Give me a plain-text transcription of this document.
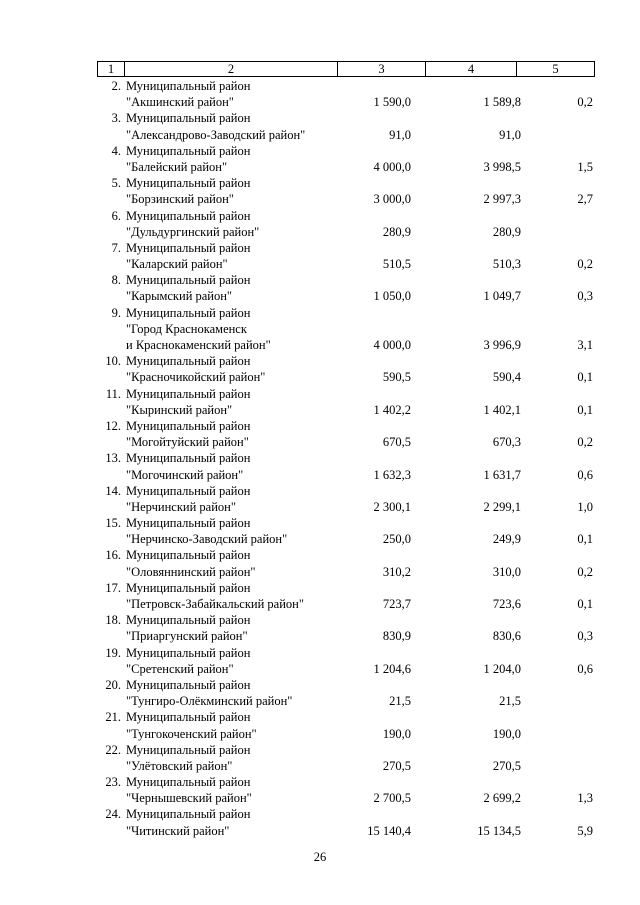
1	2	3	4	5
2. Муниципальный район
"Акшинский район"	1 590,0	1 589,8	0,2
3. Муниципальный район
"Александрово-Заводский район"	91,0	91,0
4. Муниципальный район
"Балейский район"	4 000,0	3 998,5	1,5
5. Муниципальный район
"Борзинский район"	3 000,0	2 997,3	2,7
6. Муниципальный район
"Дульдургинский район"	280,9	280,9
7. Муниципальный район
"Каларский район"	510,5	510,3	0,2
8. Муниципальный район
"Карымский район"	1 050,0	1 049,7	0,3
9. Муниципальный район
"Город Краснокаменск
и Краснокаменский район"	4 000,0	3 996,9	3,1
10. Муниципальный район
"Красночикойский район"	590,5	590,4	0,1
11. Муниципальный район
"Кыринский район"	1 402,2	1 402,1	0,1
12. Муниципальный район
"Могойтуйский район"	670,5	670,3	0,2
13. Муниципальный район
"Могочинский район"	1 632,3	1 631,7	0,6
14. Муниципальный район
"Нерчинский район"	2 300,1	2 299,1	1,0
15. Муниципальный район
"Нерчинско-Заводский район"	250,0	249,9	0,1
16. Муниципальный район
"Оловяннинский район"	310,2	310,0	0,2
17. Муниципальный район
"Петровск-Забайкальский район"	723,7	723,6	0,1
18. Муниципальный район
"Приаргунский район"	830,9	830,6	0,3
19. Муниципальный район
"Сретенский район"	1 204,6	1 204,0	0,6
20. Муниципальный район
"Тунгиро-Олёкминский район"	21,5	21,5
21. Муниципальный район
"Тунгокоченский район"	190,0	190,0
22. Муниципальный район
"Улётовский район"	270,5	270,5
23. Муниципальный район
"Чернышевский район"	2 700,5	2 699,2	1,3
24. Муниципальный район
"Читинский район"	15 140,4	15 134,5	5,9
26
